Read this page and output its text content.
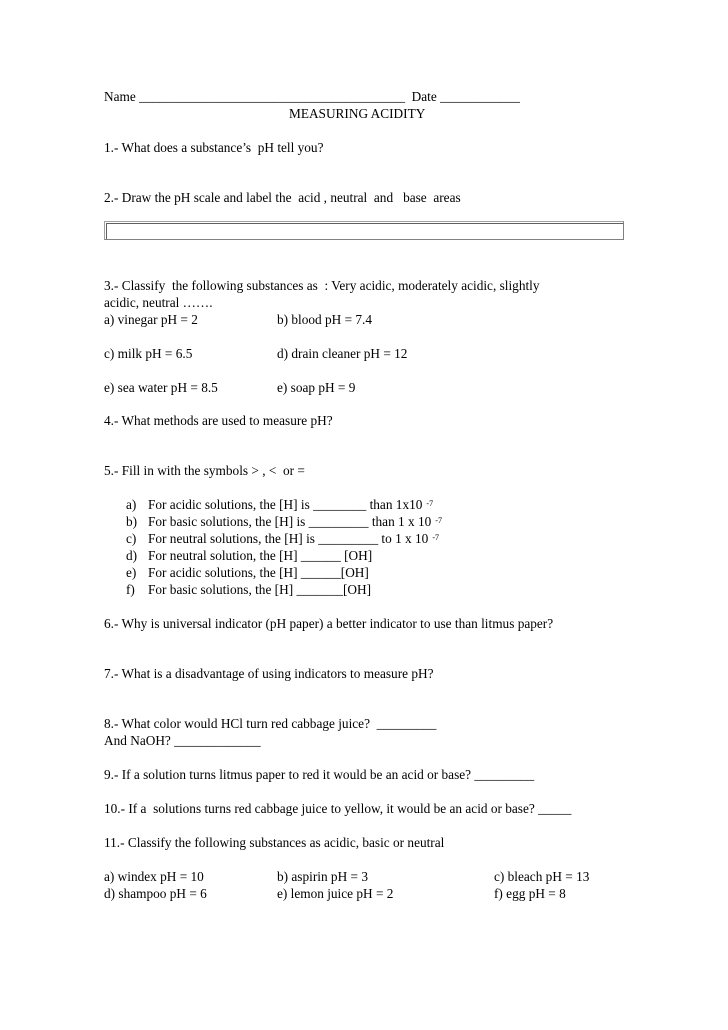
Name ________________________________________  Date ____________
MEASURING ACIDITY
1.- What does a substance’s  pH tell you?
2.- Draw the pH scale and label the  acid , neutral  and   base  areas
3.- Classify  the following substances as  : Very acidic, moderately acidic, slightly
acidic, neutral …….
a) vinegar pH = 2	b) blood pH = 7.4
c) milk pH = 6.5	d) drain cleaner pH = 12
e) sea water pH = 8.5	e) soap pH = 9
4.- What methods are used to measure pH?
5.- Fill in with the symbols > , <  or =
a) For acidic solutions, the [H] is ________ than 1x10 $^{-7}$
b) For basic solutions, the [H] is _________ than 1 x 10 $^{-7}$
c) For neutral solutions, the [H] is _________ to 1 x 10 $^{-7}$
d) For neutral solution, the [H] ______ [OH]
e) For acidic solutions, the [H] ______[OH]
f) For basic solutions, the [H] _______[OH]
6.- Why is universal indicator (pH paper) a better indicator to use than litmus paper?
7.- What is a disadvantage of using indicators to measure pH?
8.- What color would HCl turn red cabbage juice?  _________
And NaOH? _____________
9.- If a solution turns litmus paper to red it would be an acid or base? _________
10.- If a  solutions turns red cabbage juice to yellow, it would be an acid or base? _____
11.- Classify the following substances as acidic, basic or neutral
a) windex pH = 10	b) aspirin pH = 3	c) bleach pH = 13
d) shampoo pH = 6	e) lemon juice pH = 2	f) egg pH = 8
